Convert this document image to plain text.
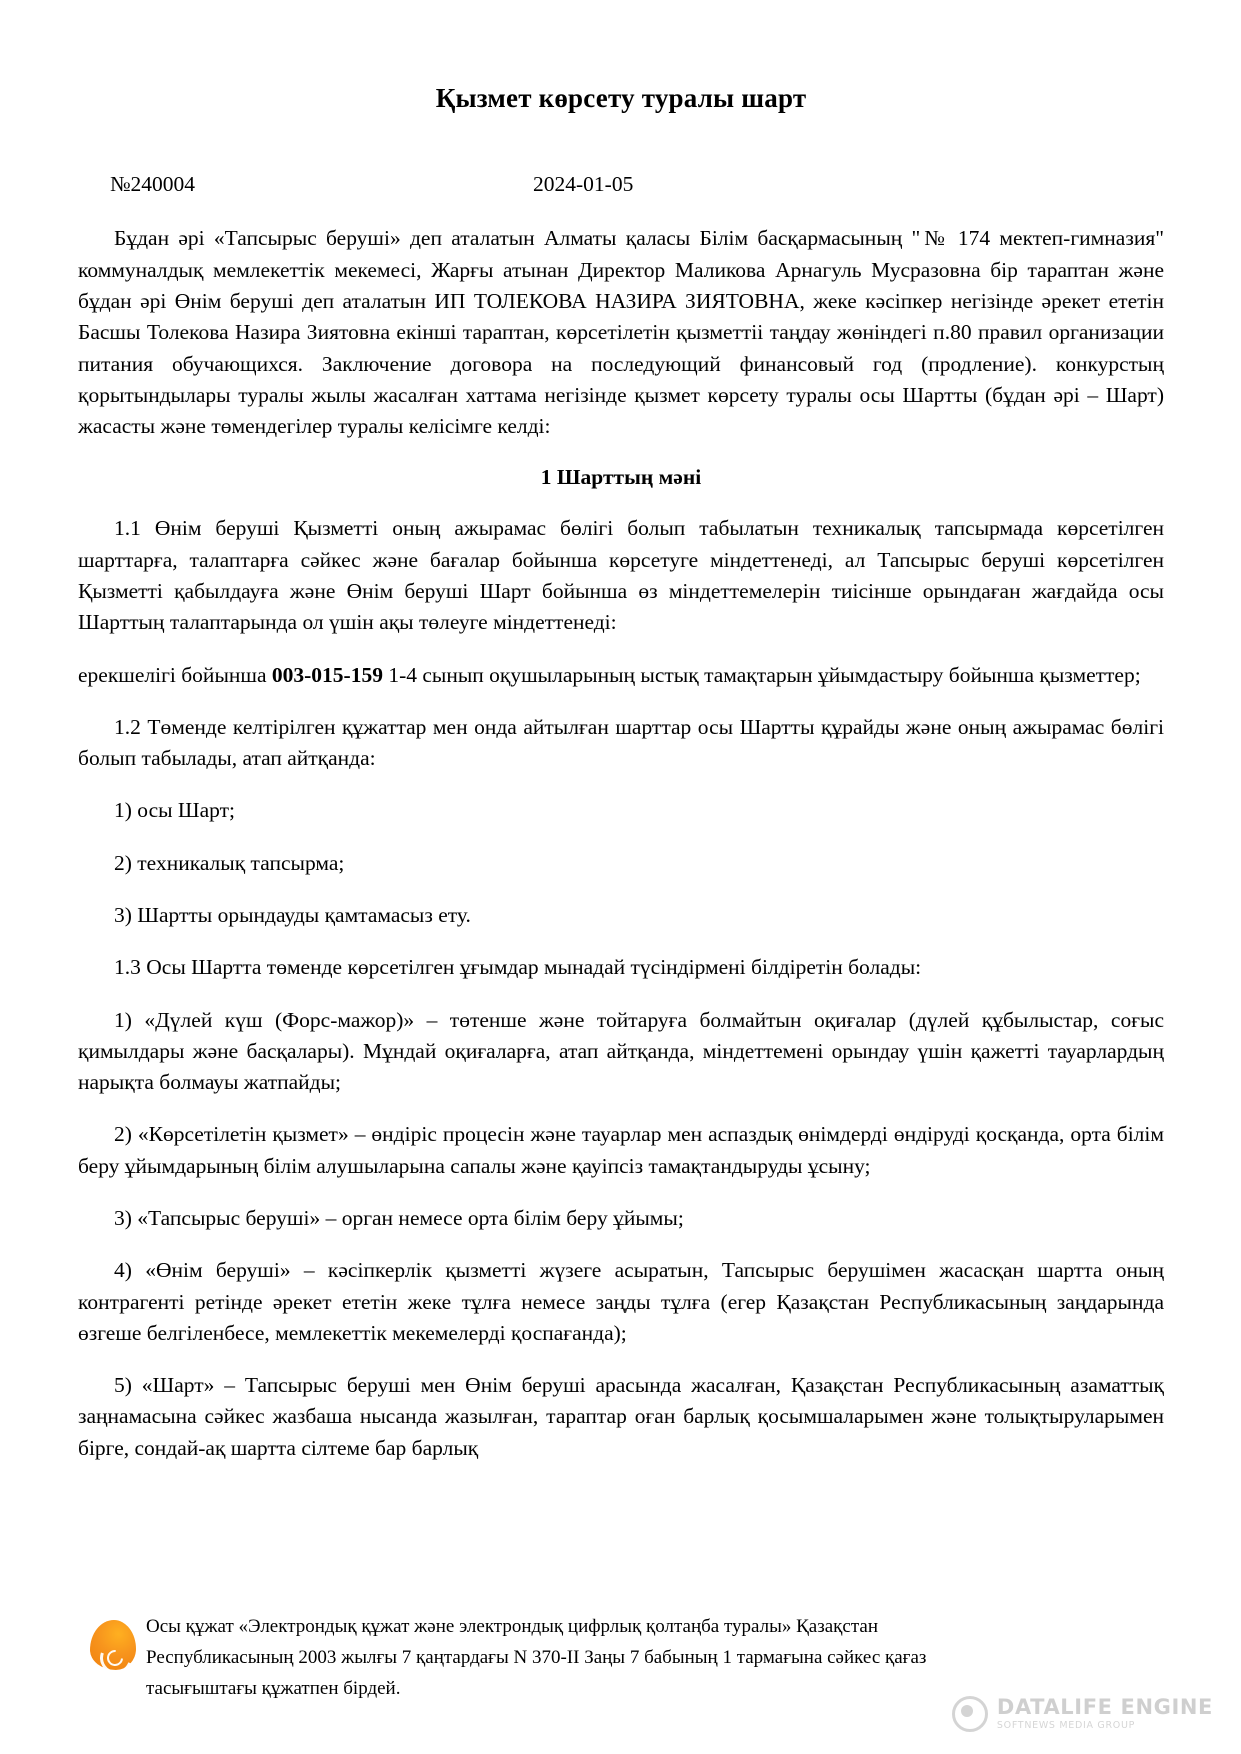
Қызмет көрсету туралы шарт
№240004	2024-01-05

Бұдан әрі «Тапсырыс беруші» деп аталатын Алматы қаласы Білім басқармасының "№ 174 мектеп-гимназия" коммуналдық мемлекеттік мекемесі, Жарғы атынан Директор Маликова Арнагуль Мусразовна бір тараптан және бұдан әрі Өнім беруші деп аталатын ИП ТОЛЕКОВА НАЗИРА ЗИЯТОВНА, жеке кәсіпкер негізінде әрекет ететін Басшы Толекова Назира Зиятовна екінші тараптан, көрсетілетін қызметтіі таңдау жөніндегі п.80 правил организации питания обучающихся. Заключение договора на последующий финансовый год (продление). конкурстың қорытындылары туралы жылы жасалған хаттама негізінде қызмет көрсету туралы осы Шартты (бұдан әрі – Шарт) жасасты және төмендегілер туралы келісімге келді:

1 Шарттың мәні

1.1 Өнім беруші Қызметті оның ажырамас бөлігі болып табылатын техникалық тапсырмада көрсетілген шарттарға, талаптарға сәйкес және бағалар бойынша көрсетуге міндеттенеді, ал Тапсырыс беруші көрсетілген Қызметті қабылдауға және Өнім беруші Шарт бойынша өз міндеттемелерін тиісінше орындаған жағдайда осы Шарттың талаптарында ол үшін ақы төлеуге міндеттенеді:

ерекшелігі бойынша 003-015-159 1-4 сынып оқушыларының ыстық тамақтарын ұйымдастыру бойынша қызметтер;

1.2 Төменде келтірілген құжаттар мен онда айтылған шарттар осы Шартты құрайды және оның ажырамас бөлігі болып табылады, атап айтқанда:

1) осы Шарт;

2) техникалық тапсырма;

3) Шартты орындауды қамтамасыз ету.

1.3 Осы Шартта төменде көрсетілген ұғымдар мынадай түсіндірмені білдіретін болады:

1) «Дүлей күш (Форс-мажор)» – төтенше және тойтаруға болмайтын оқиғалар (дүлей құбылыстар, соғыс қимылдары және басқалары). Мұндай оқиғаларға, атап айтқанда, міндеттемені орындау үшін қажетті тауарлардың нарықта болмауы жатпайды;

2) «Көрсетілетін қызмет» – өндіріс процесін және тауарлар мен аспаздық өнімдерді өндіруді қосқанда, орта білім беру ұйымдарының білім алушыларына сапалы және қауіпсіз тамақтандыруды ұсыну;

3) «Тапсырыс беруші» – орган немесе орта білім беру ұйымы;

4) «Өнім беруші» – кәсіпкерлік қызметті жүзеге асыратын, Тапсырыс берушімен жасасқан шартта оның контрагенті ретінде әрекет ететін жеке тұлға немесе заңды тұлға (егер Қазақстан Республикасының заңдарында өзгеше белгіленбесе, мемлекеттік мекемелерді қоспағанда);

5) «Шарт» – Тапсырыс беруші мен Өнім беруші арасында жасалған, Қазақстан Республикасының азаматтық заңнамасына сәйкес жазбаша нысанда жазылған, тараптар оған барлық қосымшаларымен және толықтыруларымен бірге, сондай-ақ шартта сілтеме бар барлық

Осы құжат «Электрондық құжат және электрондық цифрлық қолтаңба туралы» Қазақстан
Республикасының 2003 жылғы 7 қаңтардағы N 370-II Заңы 7 бабының 1 тармағына сәйкес қағаз
тасығыштағы құжатпен бірдей.
DATALIFE ENGINE
SOFTNEWS MEDIA GROUP
